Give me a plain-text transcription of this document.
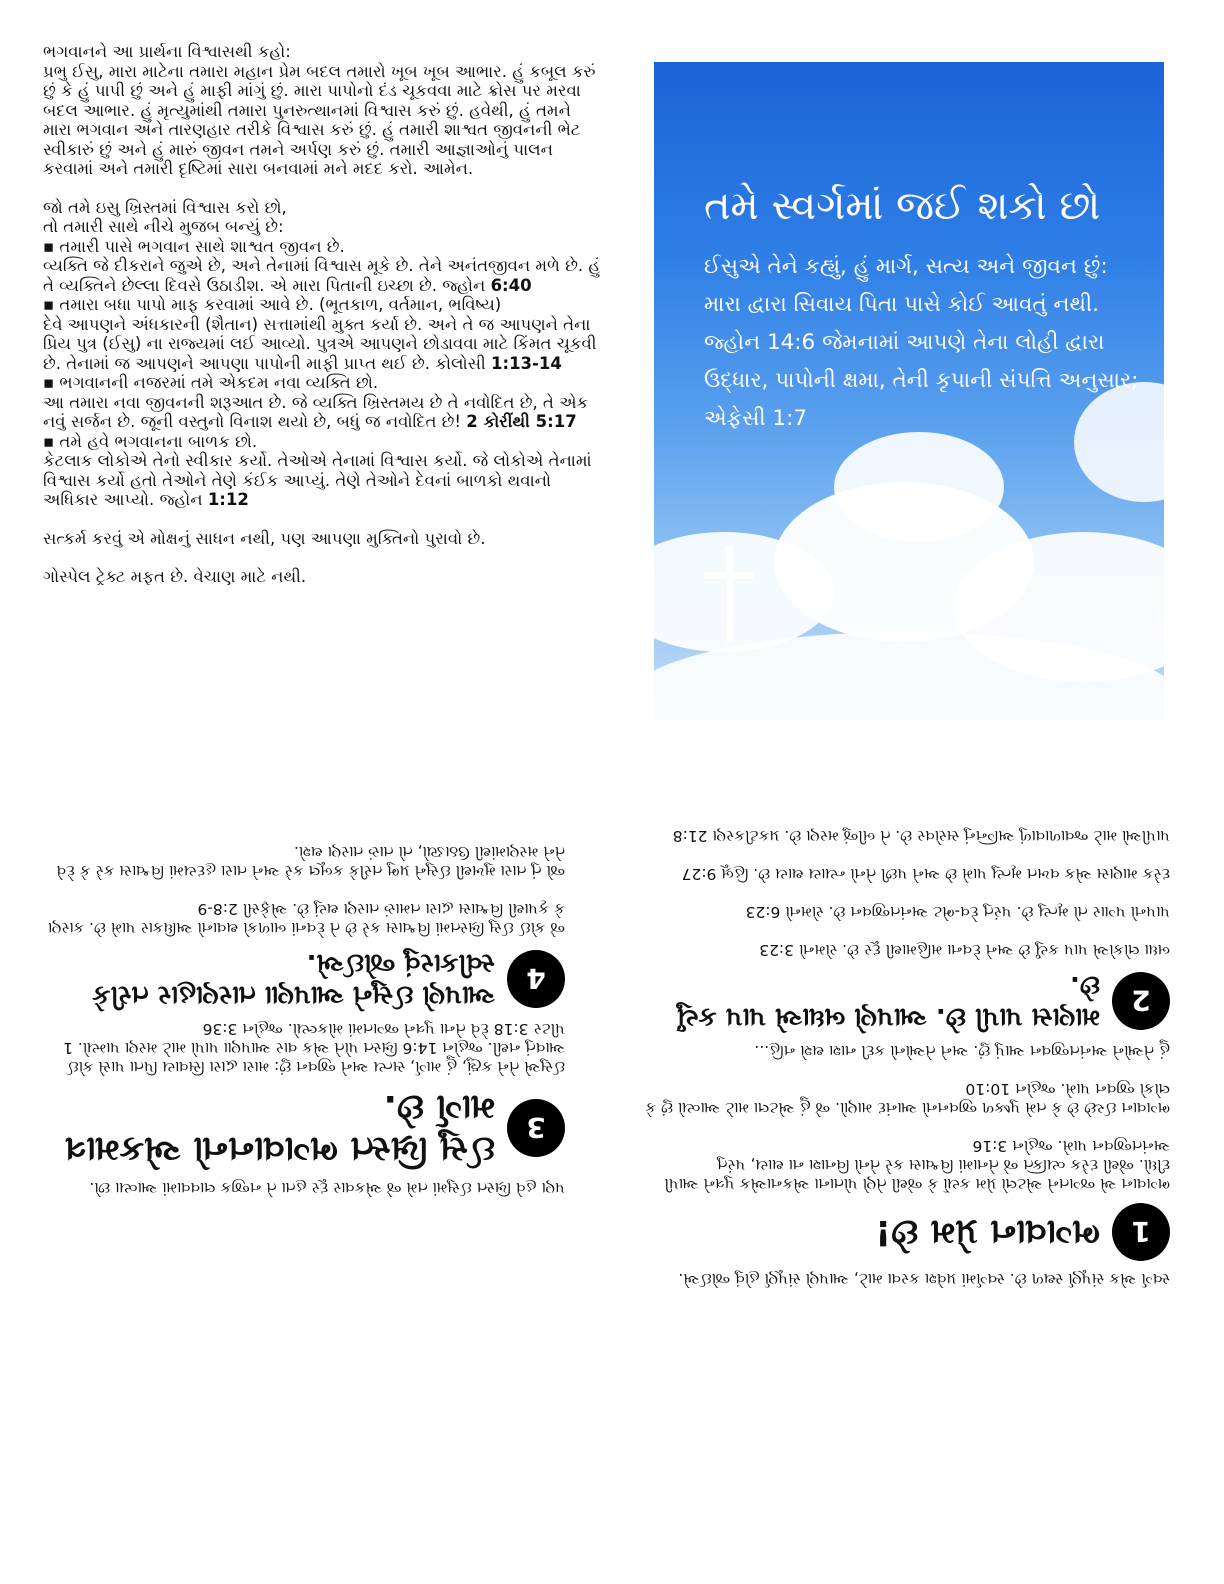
ભગવાનને આ પ્રાર્થના વિશ્વાસથી કહો:

પ્રભુ ઈસુ, મારા માટેના તમારા મહાન પ્રેમ બદલ તમારો ખૂબ ખૂબ આભાર. હું કબૂલ કરું છું કે હું પાપી છું અને હું માફી માંગું છું. મારા પાપોનો દંડ ચૂકવવા માટે ક્રોસ પર મરવા બદલ આભાર. હું મૃત્યુમાંથી તમારા પુનરુત્થાનમાં વિશ્વાસ કરું છું. હવેથી, હું તમને મારા ભગવાન અને તારણહાર તરીકે વિશ્વાસ કરું છું. હું તમારી શાશ્વત જીવનની ભેટ સ્વીકારું છું અને હું મારું જીવન તમને અર્પણ કરું છું. તમારી આજ્ઞાઓનું પાલન કરવામાં અને તમારી દૃષ્ટિમાં સારા બનવામાં મને મદદ કરો. આમેન.

જો તમે ઇસુ ખ્રિસ્તમાં વિશ્વાસ કરો છો,

તો તમારી સાથે નીચે મુજબ બન્યું છે:

▪ તમારી પાસે ભગવાન સાથે શાશ્વત જીવન છે.

વ્યક્તિ જે દીકરાને જુએ છે, અને તેનામાં વિશ્વાસ મૂકે છે. તેને અનંતજીવન મળે છે. હું તે વ્યક્તિને છેલ્લા દિવસે ઉઠાડીશ. એ મારા પિતાની ઇચ્છા છે. જ્હોન 6:40

▪ તમારા બધા પાપો માફ કરવામાં આવે છે. (ભૂતકાળ, વર્તમાન, ભવિષ્ય)

દેવે આપણને અંધકારની (શૈતાન) સત્તામાંથી મુક્ત કર્યા છે. અને તે જ આપણને તેના પ્રિય પુત્ર (ઈસુ) ના રાજ્યમાં લઈ આવ્યો. પુત્રએ આપણને છોડાવવા માટે કિંમત ચૂકવી છે. તેનામાં જ આપણને આપણા પાપોની માફી પ્રાપ્ત થઈ છે. કોલોસી 1:13-14

▪ ભગવાનની નજરમાં તમે એકદમ નવા વ્યક્તિ છો.

આ તમારા નવા જીવનની શરૂઆત છે. જે વ્યક્તિ ખ્રિસ્તમય છે તે નવોદિત છે, તે એક નવું સર્જન છે. જૂની વસ્તુનો વિનાશ થયો છે, બધું જ નવોદિત છે! 2 કોરીંથી 5:17

▪ તમે હવે ભગવાનના બાળક છો.

કેટલાક લોકોએ તેનો સ્વીકાર કર્યો. તેઓએ તેનામાં વિશ્વાસ કર્યો. જે લોકોએ તેનામાં વિશ્વાસ કર્યો હતો તેઓને તેણે કંઈક આપ્યું. તેણે તેઓને દેવનાં બાળકો થવાનો અધિકાર આપ્યો. જ્હોન 1:12

સત્કર્મ કરવું એ મોક્ષનું સાધન નથી, પણ આપણા મુક્તિનો પુરાવો છે.

ગોસ્પેલ ટ્રેક્ટ મફત છે. વેચાણ માટે નથી.

તમે સ્વર્ગમાં જઈ શકો છો
ઈસુએ તેને કહ્યું, હું માર્ગ, સત્ય અને જીવન છું: મારા દ્વારા સિવાય પિતા પાસે કોઈ આવતું નથી. જ્હોન 14:6 જેમનામાં આપણે તેના લોહી દ્વારા ઉદ્ધાર, પાપોની ક્ષમા, તેની કૃપાની સંપત્તિ અનુસાર; એફેસી 1:7

સ્વર્ગ એક સંપૂર્ણ સ્થળ છે. સ્વર્ગમાં પ્રવેશ કરવા માટે, આપણે સંપૂર્ણ હોવું જોઈએ.

1
ભગવાન પ્રેમ છે!

ભગવાન એ જગતને એટલો પ્રેમ કર્યો કે જેથી તેણે પોતાના એકનાએક પુત્રને આપી દીધો. જેથી દરેક વ્યક્તિ જે તેનામાં વિશ્વાસ કરે તેનો વિનાશ ના થાય, પરંતુ અનંતજીવન પામે. જ્હોન 3:16

ભગવાન ઈચ્છે છે કે તમે પુષ્કળ જીવનનો આનંદ માણો. જે હું એટલા માટે આવ્યો છું કે લોકો જીવન પામે. જ્હોન 10:10

હું તેઓને અનંતજીવન આપું છું. અને તેઓનો કદી નાશ થશે નહિ...

2
માણસ પાપી છે. આપણે બધાએ પાપ કર્યું છે.

બધા લોકોએ પાપ કર્યું છે અને દેવના મહિમાથી દૂર છે. રોમનો 3:23

પાપનો પગાર તો મૃત્યુ છે. પરંતુ દેવ-ભેટ અનંતજીવન છે. રોમનો 6:23

દરેક માણસ એક વખત મૃત્યુ પામે છે અને પછી તેનો ન્યાય થાય છે. હિબ્રૂ 9:27

પાપીઓ માટે જ્વાળાવાળું અગ્નિનું સરોવર છે. તે બીજું મરણ છે. પ્રકટીકરણ 21:8

પણ હવે ખ્રિસ્ત ઈસુમાં તમે જે એકવાર દૂર હતા તે નજીક લાવવામાં આવ્યા છો.

3
ઈસુ ખ્રિસ્ત ભગવાનનો એકમાત્ર માર્ગ છે.

ઈસુએ તેને કહ્યું, હું માર્ગ, સત્ય અને જીવન છું: મારા દ્વારા સિવાય પિતા પાસે કોઈ આવતું નથી. જ્હોન 14:6 ખ્રિસ્ત પોતે એક વાર આપણા પાપો માટે મરણ પામ્યો. 1 પીટર 3:18 દેવે તેના પુત્રને જગતમાં મોકલ્યો. જ્હોન 3:36

4
આપણે ઈસુને આપણા તારણહાર તરીકે સ્વીકારવું જોઈએ.

જે કોઈ ઈસુ ખ્રિસ્તમાં વિશ્વાસ કરે છે તે દેવનાં બાળકો થવાનો અધિકાર પામે છે. કારણ કે કૃપાથી વિશ્વાસ દ્વારા તમારું તારણ થયું છે. એફેસી 2:8-9

જો તું તારા મુખથી ઈસુને પ્રભુ તરીકે કબૂલ કરે અને તારા હૃદયમાં વિશ્વાસ કરે કે દેવે તેને મરણમાંથી ઉઠાડ્યો, તો તારું તારણ થશે.
